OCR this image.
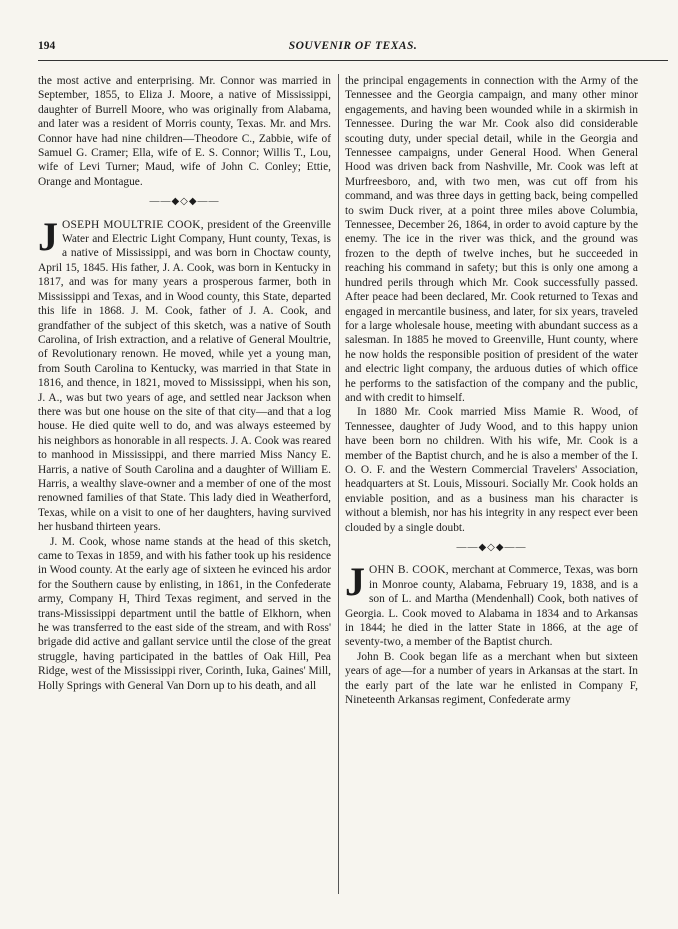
194	SOUVENIR OF TEXAS.

the most active and enterprising. Mr. Connor was married in September, 1855, to Eliza J. Moore, a native of Mississippi, daughter of Burrell Moore, who was originally from Alabama, and later was a resident of Morris county, Texas. Mr. and Mrs. Connor have had nine children—Theodore C., Zabbie, wife of Samuel G. Cramer; Ella, wife of E. S. Connor; Willis T., Lou, wife of Levi Turner; Maud, wife of John C. Conley; Ettie, Orange and Montague.

——◆◇◆——

JOSEPH MOULTRIE COOK, president of the Greenville Water and Electric Light Company, Hunt county, Texas, is a native of Mississippi, and was born in Choctaw county, April 15, 1845. His father, J. A. Cook, was born in Kentucky in 1817, and was for many years a prosperous farmer, both in Mississippi and Texas, and in Wood county, this State, departed this life in 1868. J. M. Cook, father of J. A. Cook, and grandfather of the subject of this sketch, was a native of South Carolina, of Irish extraction, and a relative of General Moultrie, of Revolutionary renown. He moved, while yet a young man, from South Carolina to Kentucky, was married in that State in 1816, and thence, in 1821, moved to Mississippi, when his son, J. A., was but two years of age, and settled near Jackson when there was but one house on the site of that city—and that a log house. He died quite well to do, and was always esteemed by his neighbors as honorable in all respects. J. A. Cook was reared to manhood in Mississippi, and there married Miss Nancy E. Harris, a native of South Carolina and a daughter of William E. Harris, a wealthy slave-owner and a member of one of the most renowned families of that State. This lady died in Weatherford, Texas, while on a visit to one of her daughters, having survived her husband thirteen years.

J. M. Cook, whose name stands at the head of this sketch, came to Texas in 1859, and with his father took up his residence in Wood county. At the early age of sixteen he evinced his ardor for the Southern cause by enlisting, in 1861, in the Confederate army, Company H, Third Texas regiment, and served in the trans-Mississippi department until the battle of Elkhorn, when he was transferred to the east side of the stream, and with Ross' brigade did active and gallant service until the close of the great struggle, having participated in the battles of Oak Hill, Pea Ridge, west of the Mississippi river, Corinth, Iuka, Gaines' Mill, Holly Springs with General Van Dorn up to his death, and all

the principal engagements in connection with the Army of the Tennessee and the Georgia campaign, and many other minor engagements, and having been wounded while in a skirmish in Tennessee. During the war Mr. Cook also did considerable scouting duty, under special detail, while in the Georgia and Tennessee campaigns, under General Hood. When General Hood was driven back from Nashville, Mr. Cook was left at Murfreesboro, and, with two men, was cut off from his command, and was three days in getting back, being compelled to swim Duck river, at a point three miles above Columbia, Tennessee, December 26, 1864, in order to avoid capture by the enemy. The ice in the river was thick, and the ground was frozen to the depth of twelve inches, but he succeeded in reaching his command in safety; but this is only one among a hundred perils through which Mr. Cook successfully passed. After peace had been declared, Mr. Cook returned to Texas and engaged in mercantile business, and later, for six years, traveled for a large wholesale house, meeting with abundant success as a salesman. In 1885 he moved to Greenville, Hunt county, where he now holds the responsible position of president of the water and electric light company, the arduous duties of which office he performs to the satisfaction of the company and the public, and with credit to himself.

In 1880 Mr. Cook married Miss Mamie R. Wood, of Tennessee, daughter of Judy Wood, and to this happy union have been born no children. With his wife, Mr. Cook is a member of the Baptist church, and he is also a member of the I. O. O. F. and the Western Commercial Travelers' Association, headquarters at St. Louis, Missouri. Socially Mr. Cook holds an enviable position, and as a business man his character is without a blemish, nor has his integrity in any respect ever been clouded by a single doubt.

——◆◇◆——

JOHN B. COOK, merchant at Commerce, Texas, was born in Monroe county, Alabama, February 19, 1838, and is a son of L. and Martha (Mendenhall) Cook, both natives of Georgia. L. Cook moved to Alabama in 1834 and to Arkansas in 1844; he died in the latter State in 1866, at the age of seventy-two, a member of the Baptist church.

John B. Cook began life as a merchant when but sixteen years of age—for a number of years in Arkansas at the start. In the early part of the late war he enlisted in Company F, Nineteenth Arkansas regiment, Confederate army
